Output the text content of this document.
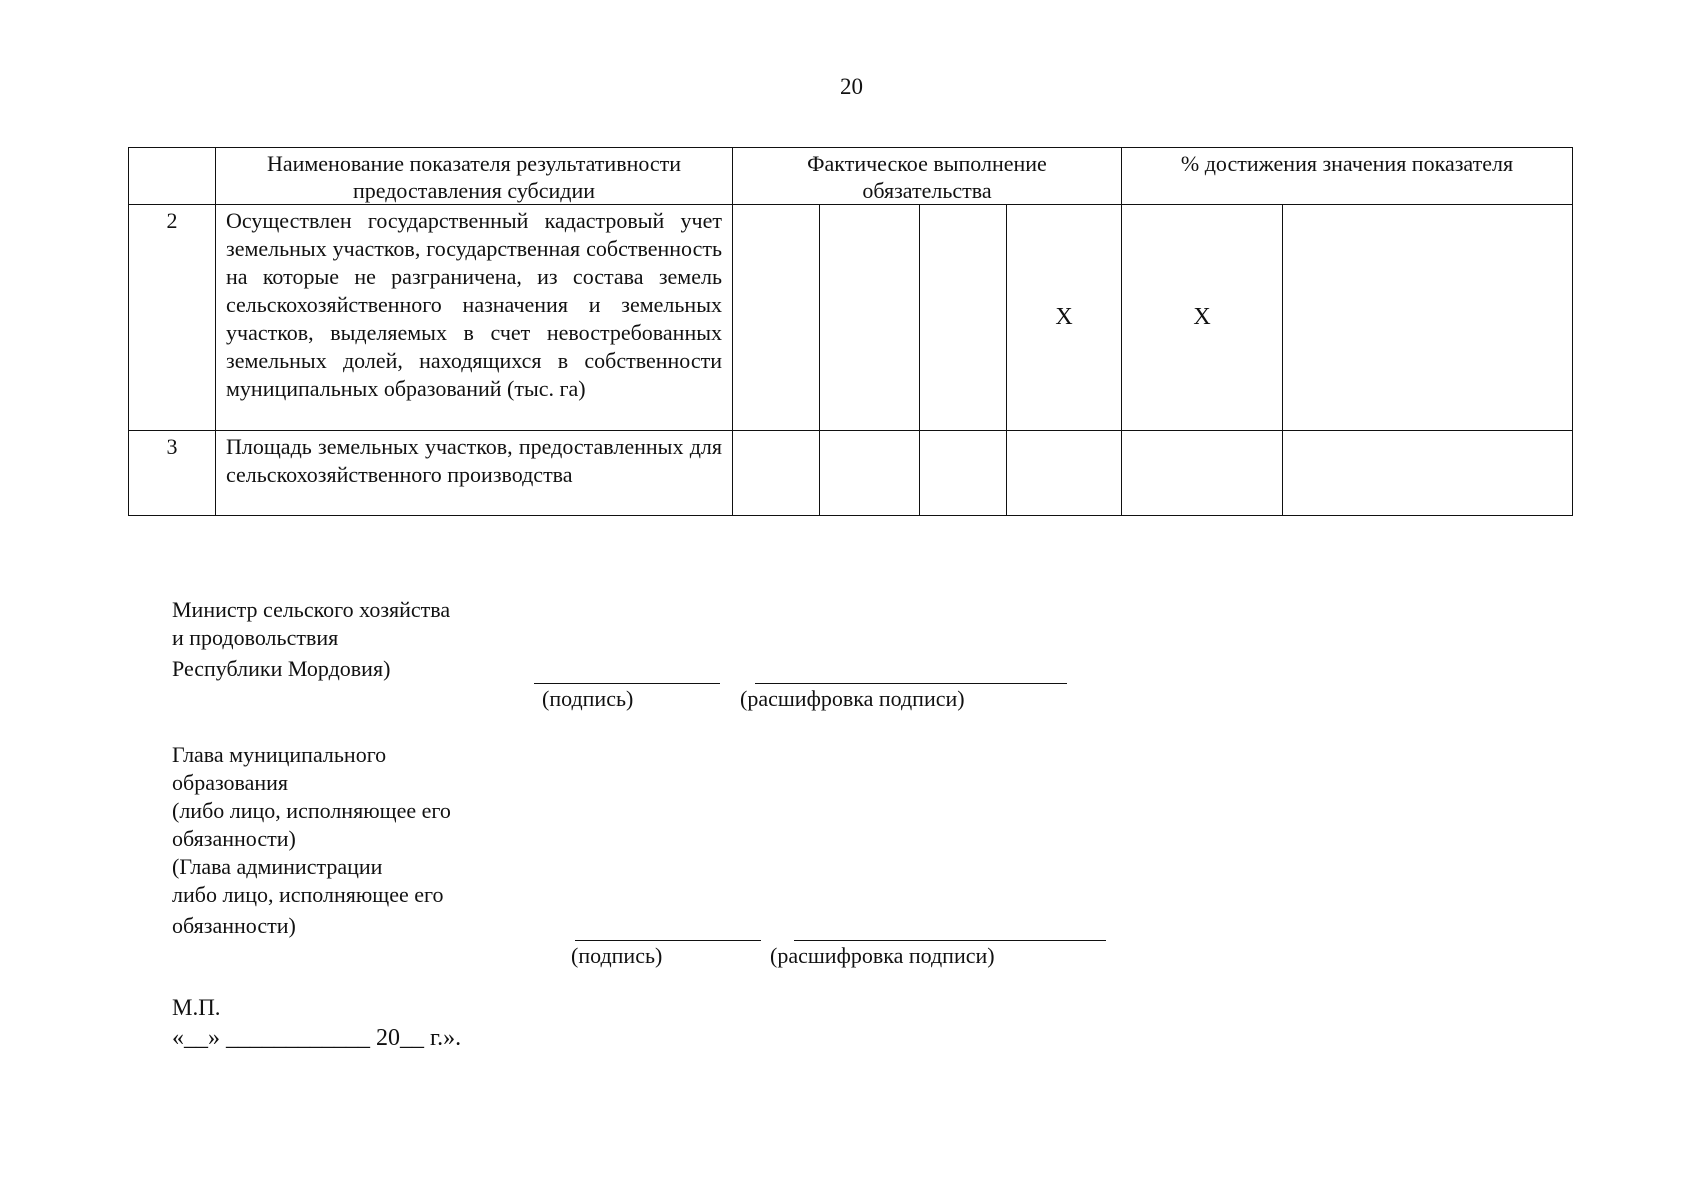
20
	Наименование показателя результативности предоставления субсидии	Фактическое выполнение обязательства				% достижения значения показателя	
2	Осуществлен государственный кадастровый учет земельных участков, государственная собственность на которые не разграничена, из состава земель сельскохозяйственного назначения и земельных участков, выделяемых в счет невостребованных земельных долей, находящихся в собственности муниципальных образований (тыс. га)				Х	Х	
3	Площадь земельных участков, предоставленных для сельскохозяйственного производства						
Министр сельского хозяйства
и продовольствия
Республики Мордовия)
(подпись)	(расшифровка подписи)
Глава муниципального
образования
(либо лицо, исполняющее его
обязанности)
(Глава администрации
либо лицо, исполняющее его
обязанности)
(подпись)	(расшифровка подписи)
М.П.
«__» ____________ 20__ г.».
